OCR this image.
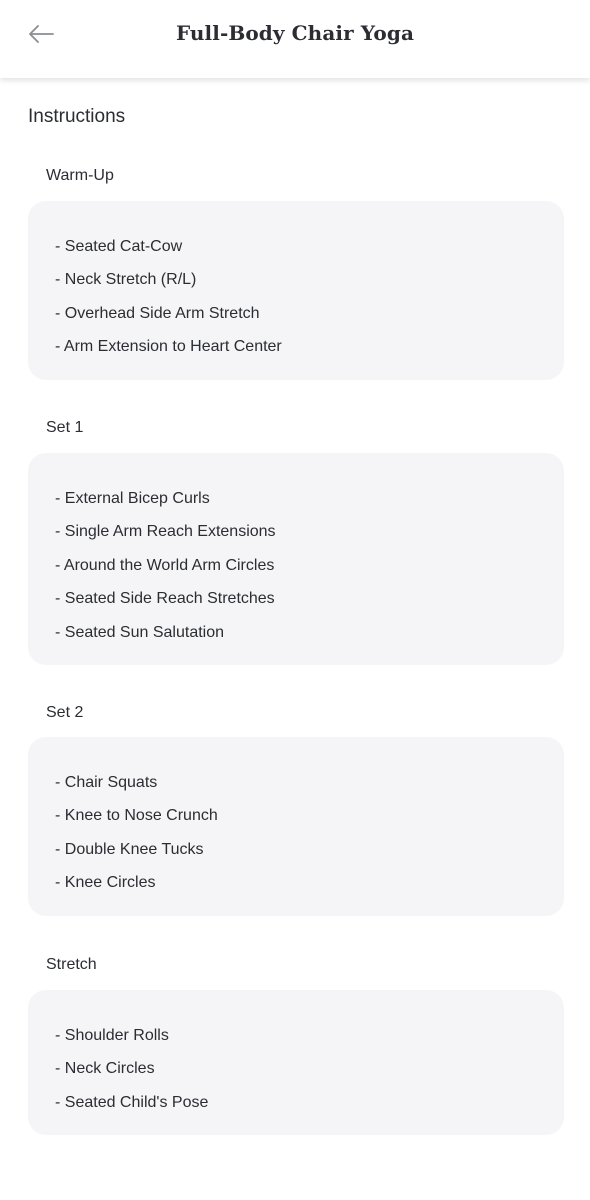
Full-Body Chair Yoga
Instructions
Warm-Up
- Seated Cat-Cow
- Neck Stretch (R/L)
- Overhead Side Arm Stretch
- Arm Extension to Heart Center
Set 1
- External Bicep Curls
- Single Arm Reach Extensions
- Around the World Arm Circles
- Seated Side Reach Stretches
- Seated Sun Salutation
Set 2
- Chair Squats
- Knee to Nose Crunch
- Double Knee Tucks
- Knee Circles
Stretch
- Shoulder Rolls
- Neck Circles
- Seated Child's Pose
